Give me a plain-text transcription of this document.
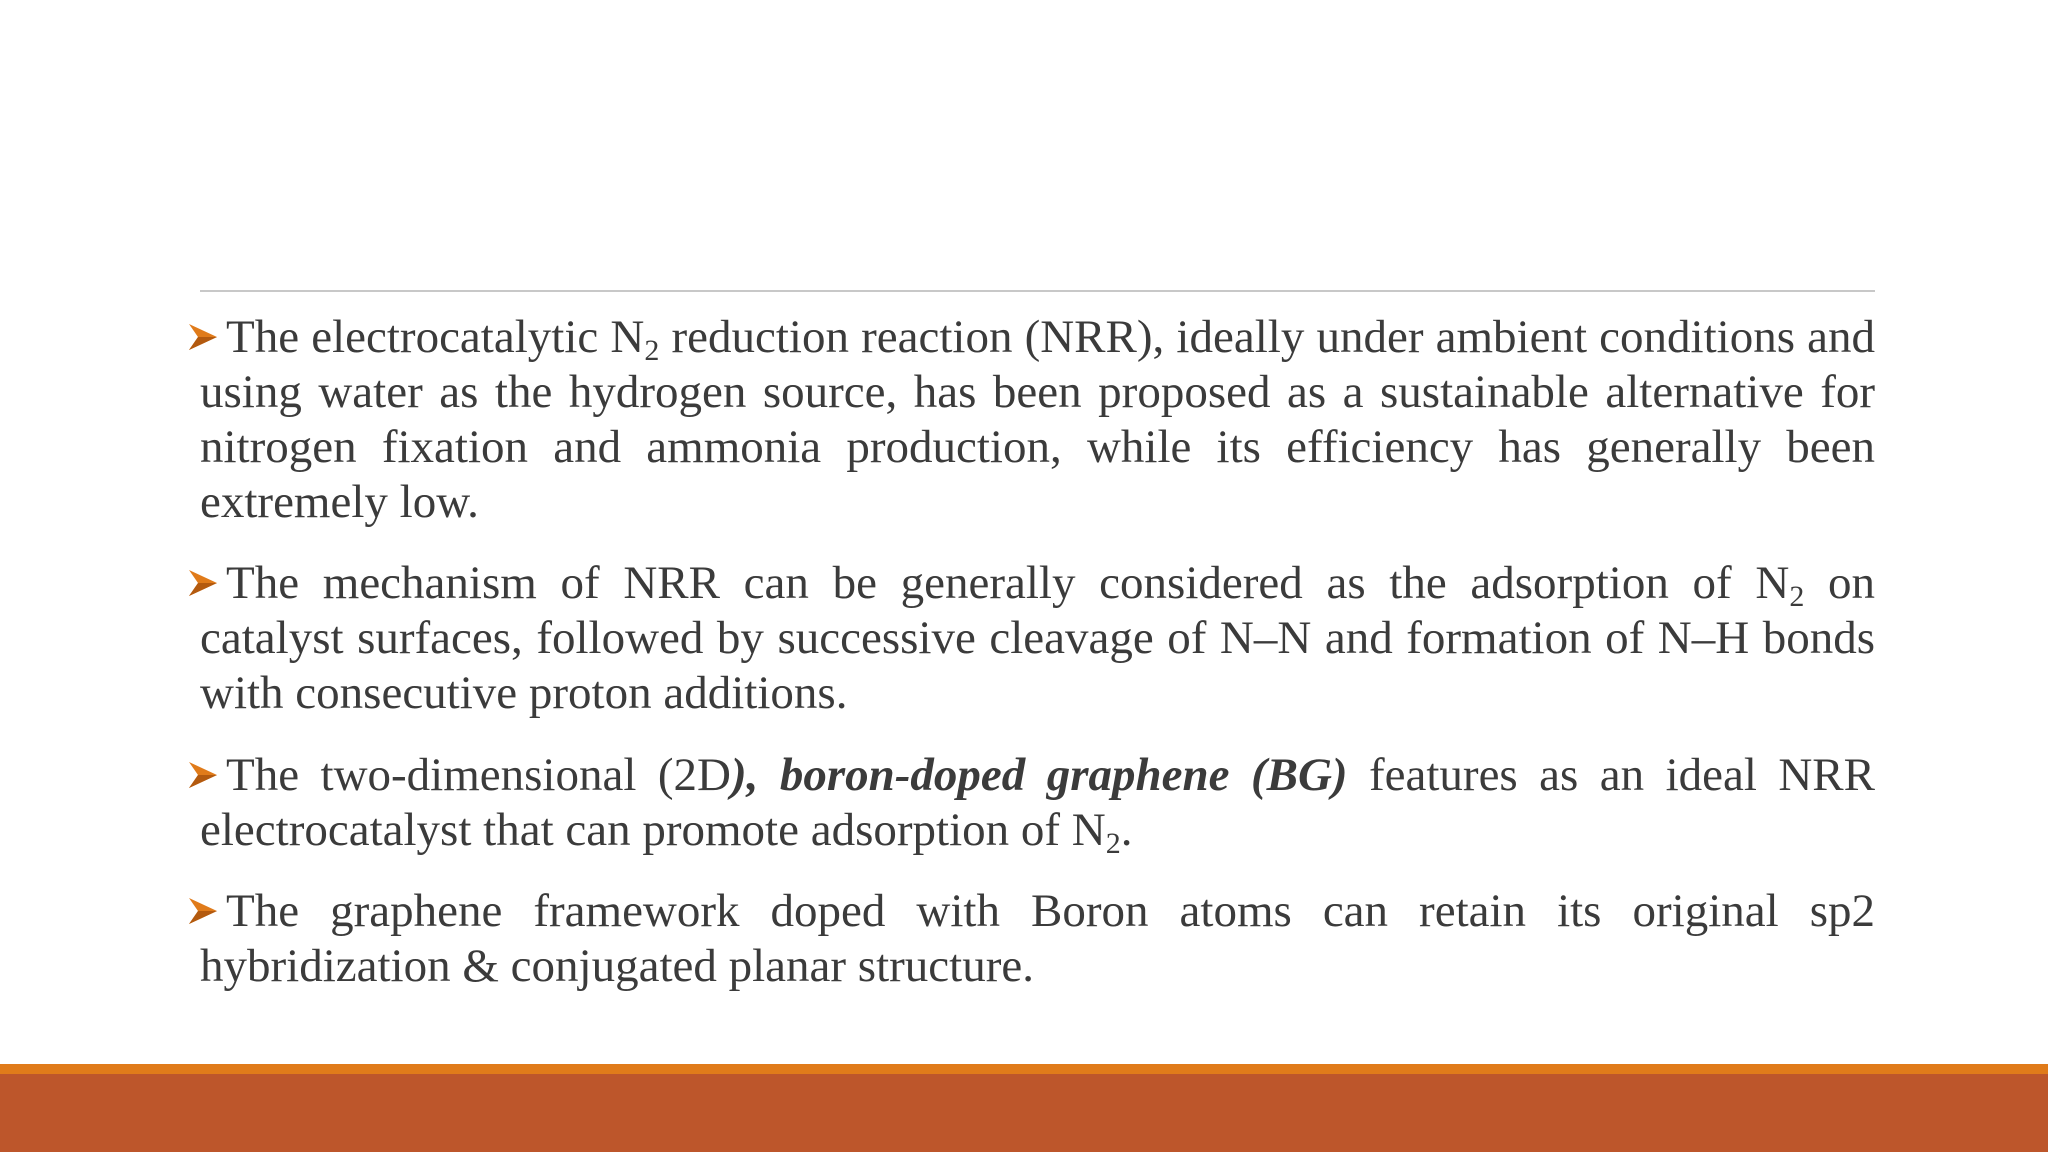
The electrocatalytic $N_2$ reduction reaction (NRR), ideally under ambient conditions and using water as the hydrogen source, has been proposed as a sustainable alternative for nitrogen fixation and ammonia production, while its efficiency has generally been extremely low.

The mechanism of NRR can be generally considered as the adsorption of $N_2$ on catalyst surfaces, followed by successive cleavage of N–N and formation of N–H bonds with consecutive proton additions.

The two-dimensional (2D), boron-doped graphene (BG) features as an ideal NRR electrocatalyst that can promote adsorption of $N_2$.

The graphene framework doped with Boron atoms can retain its original sp2 hybridization & conjugated planar structure.
